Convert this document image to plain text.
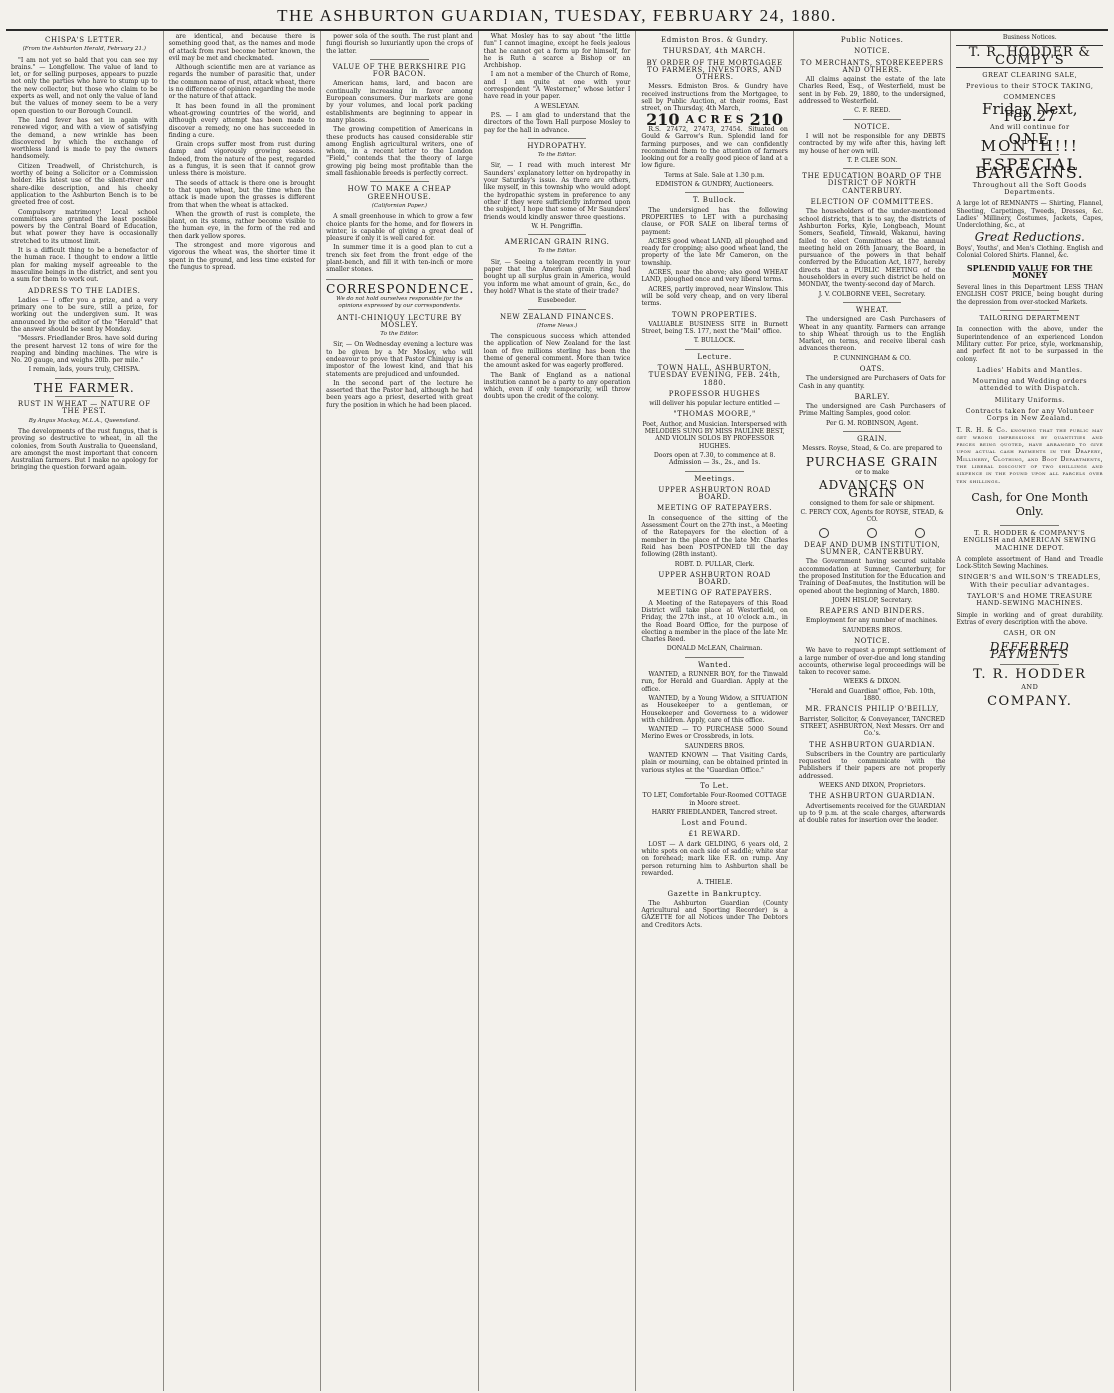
THE ASHBURTON GUARDIAN, TUESDAY, FEBRUARY 24, 1880.
CHISPA'S LETTER.
(From the Ashburton Herald, February 21.)

"I am not yet so bald that you can see my brains." — Longfellow. The value of land to let, or for selling purposes, appears to puzzle not only the parties who have to stump up to the new collector, but those who claim to be experts as well, and not only the value of land but the values of money seem to be a very open question to our Borough Council.

The land fever has set in again with renewed vigor, and with a view of satisfying the demand, a new wrinkle has been discovered by which the exchange of worthless land is made to pay the owners handsomely.

Citizen Treadwell, of Christchurch, is worthy of being a Solicitor or a Commission holder. His latest use of the silent-river and share-dike description, and his cheeky application to the Ashburton Bench is to be greeted free of cost.

Compulsory matrimony! Local school committees are granted the least possible powers by the Central Board of Education, but what power they have is occasionally stretched to its utmost limit.

It is a difficult thing to be a benefactor of the human race. I thought to endow a little plan for making myself agreeable to the masculine beings in the district, and sent you a sum for them to work out.

ADDRESS TO THE LADIES.

Ladies — I offer you a prize, and a very primary one to be sure, still a prize, for working out the undergiven sum. It was announced by the editor of the "Herald" that the answer should be sent by Monday.

"Messrs. Friedlander Bros. have sold during the present harvest 12 tons of wire for the reaping and binding machines. The wire is No. 20 gauge, and weighs 20lb. per mile."

I remain, lads, yours truly, CHISPA.

THE FARMER.
RUST IN WHEAT — NATURE OF THE PEST.
By Angus Mackay, M.L.A., Queensland.

The developments of the rust fungus, that is proving so destructive to wheat, in all the colonies, from South Australia to Queensland, are amongst the most important that concern Australian farmers. But I make no apology for bringing the question forward again.

are identical, and because there is something good that, as the names and mode of attack from rust become better known, the evil may be met and checkmated.

Although scientific men are at variance as regards the number of parasitic that, under the common name of rust, attack wheat, there is no difference of opinion regarding the mode or the nature of that attack.

It has been found in all the prominent wheat-growing countries of the world, and although every attempt has been made to discover a remedy, no one has succeeded in finding a cure.

Grain crops suffer most from rust during damp and vigorously growing seasons. Indeed, from the nature of the pest, regarded as a fungus, it is seen that it cannot grow unless there is moisture.

The seeds of attack is there one is brought to that upon wheat, but the time when the attack is made upon the grasses is different from that when the wheat is attacked.

When the growth of rust is complete, the plant, on its stems, rather become visible to the human eye, in the form of the red and then dark yellow spores.

The strongest and more vigorous and vigorous the wheat was, the shorter time it spent in the ground, and less time existed for the fungus to spread.

power sola of the south. The rust plant and fungi flourish so luxuriantly upon the crops of the latter.

VALUE OF THE BERKSHIRE PIG FOR BACON.

American hams, lard, and bacon are continually increasing in favor among European consumers. Our markets are gone by your volumes, and local pork packing establishments are beginning to appear in many places.

The growing competition of Americans in these products has caused considerable stir among English agricultural writers, one of whom, in a recent letter to the London "Field," contends that the theory of large growing pig being most profitable than the small fashionable breeds is perfectly correct.

HOW TO MAKE A CHEAP GREENHOUSE.
(Californian Paper.)

A small greenhouse in which to grow a few choice plants for the home, and for flowers in winter, is capable of giving a great deal of pleasure if only it is well cared for.

In summer time it is a good plan to cut a trench six feet from the front edge of the plant-bench, and fill it with ten-inch or more smaller stones.

CORRESPONDENCE.
We do not hold ourselves responsible for the opinions expressed by our correspondents.
ANTI-CHINIQUY LECTURE BY MOSLEY.
To the Editor.

Sir, — On Wednesday evening a lecture was to be given by a Mr Mosley, who will endeavour to prove that Pastor Chiniquy is an impostor of the lowest kind, and that his statements are prejudiced and unfounded.

In the second part of the lecture he asserted that the Pastor had, although he had been years ago a priest, deserted with great fury the position in which he had been placed.

What Mosley has to say about "the little fun" I cannot imagine, except he feels jealous that he cannot get a form up for himself, for he is Ruth a scarce a Bishop or an Archbishop.

I am not a member of the Church of Rome, and I am quite at one with your correspondent "A Westerner," whose letter I have read in your paper.

A WESLEYAN.

P.S. — I am glad to understand that the directors of the Town Hall purpose Mosley to pay for the hall in advance.

HYDROPATHY.
To the Editor.

Sir, — I read with much interest Mr Saunders' explanatory letter on hydropathy in your Saturday's issue. As there are others, like myself, in this township who would adopt the hydropathic system in preference to any other if they were sufficiently informed upon the subject, I hope that some of Mr Saunders' friends would kindly answer three questions.

W. H. Pengriffin.

AMERICAN GRAIN RING.
To the Editor.

Sir, — Seeing a telegram recently in your paper that the American grain ring had bought up all surplus grain in America, would you inform me what amount of grain, &c., do they hold? What is the state of their trade?

Eusebeeder.

NEW ZEALAND FINANCES.
(Home News.)

The conspicuous success which attended the application of New Zealand for the last loan of five millions sterling has been the theme of general comment. More than twice the amount asked for was eagerly proffered.

The Bank of England as a national institution cannot be a party to any operation which, even if only temporarily, will throw doubts upon the credit of the colony.

Edmiston Bros. & Gundry.
THURSDAY, 4th MARCH.
BY ORDER OF THE MORTGAGEE TO FARMERS, INVESTORS, AND OTHERS.

Messrs. Edmiston Bros. & Gundry have received instructions from the Mortgagee, to sell by Public Auction, at their rooms, East street, on Thursday, 4th March,

210 A C R E S 210

R.S. 27472, 27473, 27454. Situated on Gould & Garrow's Run. Splendid land for farming purposes, and we can confidently recommend them to the attention of farmers looking out for a really good piece of land at a low figure.

Terms at Sale. Sale at 1.30 p.m.

EDMISTON & GUNDRY, Auctioneers.

T. Bullock.

The undersigned has the following PROPERTIES to LET with a purchasing clause, or FOR SALE on liberal terms of payment:

ACRES good wheat LAND, all ploughed and ready for cropping; also good wheat land, the property of the late Mr Cameron, on the township.

ACRES, near the above; also good WHEAT LAND, ploughed once and very liberal terms.

ACRES, partly improved, near Winslow. This will be sold very cheap, and on very liberal terms.

TOWN PROPERTIES.

VALUABLE BUSINESS SITE in Burnett Street, being T.S. 177, next the "Mail" office.

T. BULLOCK.

Lecture.
TOWN HALL, ASHBURTON, TUESDAY EVENING, FEB. 24th, 1880.
PROFESSOR HUGHES

will deliver his popular lecture entitled —

"THOMAS MOORE,"

Poet, Author, and Musician. Interspersed with MELODIES SUNG BY MISS PAULINE BEST, AND VIOLIN SOLOS BY PROFESSOR HUGHES.

Doors open at 7.30, to commence at 8. Admission — 3s., 2s., and 1s.

Meetings.
UPPER ASHBURTON ROAD BOARD.
MEETING OF RATEPAYERS.

In consequence of the sitting of the Assessment Court on the 27th inst., a Meeting of the Ratepayers for the election of a member in the place of the late Mr. Charles Reid has been POSTPONED till the day following (28th instant).

ROBT. D. PULLAR, Clerk.

UPPER ASHBURTON ROAD BOARD.
MEETING OF RATEPAYERS.

A Meeting of the Ratepayers of this Road District will take place at Westerfield, on Friday, the 27th inst., at 10 o'clock a.m., in the Road Board Office, for the purpose of electing a member in the place of the late Mr. Charles Reed.

DONALD McLEAN, Chairman.

Wanted.

WANTED, a RUNNER BOY, for the Tinwald run, for Herald and Guardian. Apply at the office.

WANTED, by a Young Widow, a SITUATION as Housekeeper to a gentleman, or Housekeeper and Governess to a widower with children. Apply, care of this office.

WANTED — TO PURCHASE 5000 Sound Merino Ewes or Crossbreds, in lots.

SAUNDERS BROS.

WANTED KNOWN — That Visiting Cards, plain or mourning, can be obtained printed in various styles at the "Guardian Office."

To Let.

TO LET, Comfortable Four-Roomed COTTAGE in Moore street.

HARRY FRIEDLANDER, Tancred street.

Lost and Found.
£1 REWARD.

LOST — A dark GELDING, 6 years old, 2 white spots on each side of saddle; white star on forehead; mark like F.R. on rump. Any person returning him to Ashburton shall be rewarded.

A. THIELE.

Gazette in Bankruptcy.

The Ashburton Guardian (County Agricultural and Sporting Recorder) is a GAZETTE for all Notices under The Debtors and Creditors Acts.

Public Notices.
NOTICE.
TO MERCHANTS, STOREKEEPERS AND OTHERS.

All claims against the estate of the late Charles Reed, Esq., of Westerfield, must be sent in by Feb. 29, 1880, to the undersigned, addressed to Westerfield.

C. F. REED.

NOTICE.

I will not be responsible for any DEBTS contracted by my wife after this, having left my house of her own will.

T. P. CLEE SON.

THE EDUCATION BOARD OF THE DISTRICT OF NORTH CANTERBURY.
ELECTION OF COMMITTEES.

The householders of the under-mentioned school districts, that is to say, the districts of Ashburton Forks, Kyle, Longbeach, Mount Somers, Seafield, Tinwald, Wakanui, having failed to elect Committees at the annual meeting held on 26th January, the Board, in pursuance of the powers in that behalf conferred by the Education Act, 1877, hereby directs that a PUBLIC MEETING of the householders in every such district be held on MONDAY, the twenty-second day of March.

J. V. COLBORNE VEEL, Secretary.

WHEAT.

The undersigned are Cash Purchasers of Wheat in any quantity. Farmers can arrange to ship Wheat through us to the English Market, on terms, and receive liberal cash advances thereon.

P. CUNNINGHAM & CO.

OATS.

The undersigned are Purchasers of Oats for Cash in any quantity.

BARLEY.

The undersigned are Cash Purchasers of Prime Malting Samples, good color.

Per G. M. ROBINSON, Agent.

GRAIN.

Messrs. Royse, Stead, & Co. are prepared to

PURCHASE GRAIN

or to make

ADVANCES ON GRAIN

consigned to them for sale or shipment.

C. PERCY COX, Agents for ROYSE, STEAD, & CO.

DEAF AND DUMB INSTITUTION, SUMNER, CANTERBURY.

The Government having secured suitable accommodation at Sumner, Canterbury, for the proposed Institution for the Education and Training of Deaf-mutes, the Institution will be opened about the beginning of March, 1880.

JOHN HISLOP, Secretary.

REAPERS AND BINDERS.

Employment for any number of machines.

SAUNDERS BROS.

NOTICE.

We have to request a prompt settlement of a large number of over-due and long standing accounts, otherwise legal proceedings will be taken to recover same.

WEEKS & DIXON.

"Herald and Guardian" office, Feb. 10th, 1880.

MR. FRANCIS PHILIP O'BEILLY,

Barrister, Solicitor, & Conveyancer, TANCRED STREET, ASHBURTON, Next Messrs. Orr and Co.'s.

THE ASHBURTON GUARDIAN.

Subscribers in the Country are particularly requested to communicate with the Publishers if their papers are not properly addressed.

WEEKS AND DIXON, Proprietors.

THE ASHBURTON GUARDIAN.

Advertisements received for the GUARDIAN up to 9 p.m. at the scale charges, afterwards at double rates for insertion over the leader.

Business Notices.
T. R. HODDER & COMPY'S
GREAT CLEARING SALE,
Previous to their STOCK TAKING,
COMMENCES
Friday Next, Feb.27
And will continue for
ONE MONTH!!!
ESPECIAL BARGAINS.
Throughout all the Soft Goods Departments.
A large lot of REMNANTS — Shirting, Flannel, Sheeting, Carpetings, Tweeds, Dresses, &c. Ladies' Millinery, Costumes, Jackets, Capes, Underclothing, &c., at
Great Reductions.
Boys', Youths', and Men's Clothing. English and Colonial Colored Shirts. Flannel, &c.
SPLENDID VALUE FOR THE MONEY
Several lines in this Department LESS THAN ENGLISH COST PRICE, being bought during the depression from over-stocked Markets.
TAILORING DEPARTMENT
In connection with the above, under the Superintendence of an experienced London Military cutter. For price, style, workmanship, and perfect fit not to be surpassed in the colony.
Ladies' Habits and Mantles.
Mourning and Wedding orders attended to with Dispatch.
Military Uniforms.
Contracts taken for any Volunteer Corps in New Zealand.
T. R. H. & Co. knowing that the public may get wrong impressions by quantities and prices being quoted, have arranged to give upon actual cash payments in the Drapery, Millinery, Clothing, and Boot Departments, the liberal discount of two shillings and sixpence in the pound upon all parcels over ten shillings.
Cash, for One Month Only.
T. R. HODDER & COMPANY'S ENGLISH and AMERICAN SEWING MACHINE DEPOT.
A complete assortment of Hand and Treadle Lock-Stitch Sewing Machines.
SINGER'S and WILSON'S TREADLES, With their peculiar advantages.
TAYLOR'S and HOME TREASURE HAND-SEWING MACHINES.
Simple in working and of great durability. Extras of every description with the above.
CASH, OR ON
DEFERRED PAYMENTS
T. R. HODDER
AND
COMPANY.
